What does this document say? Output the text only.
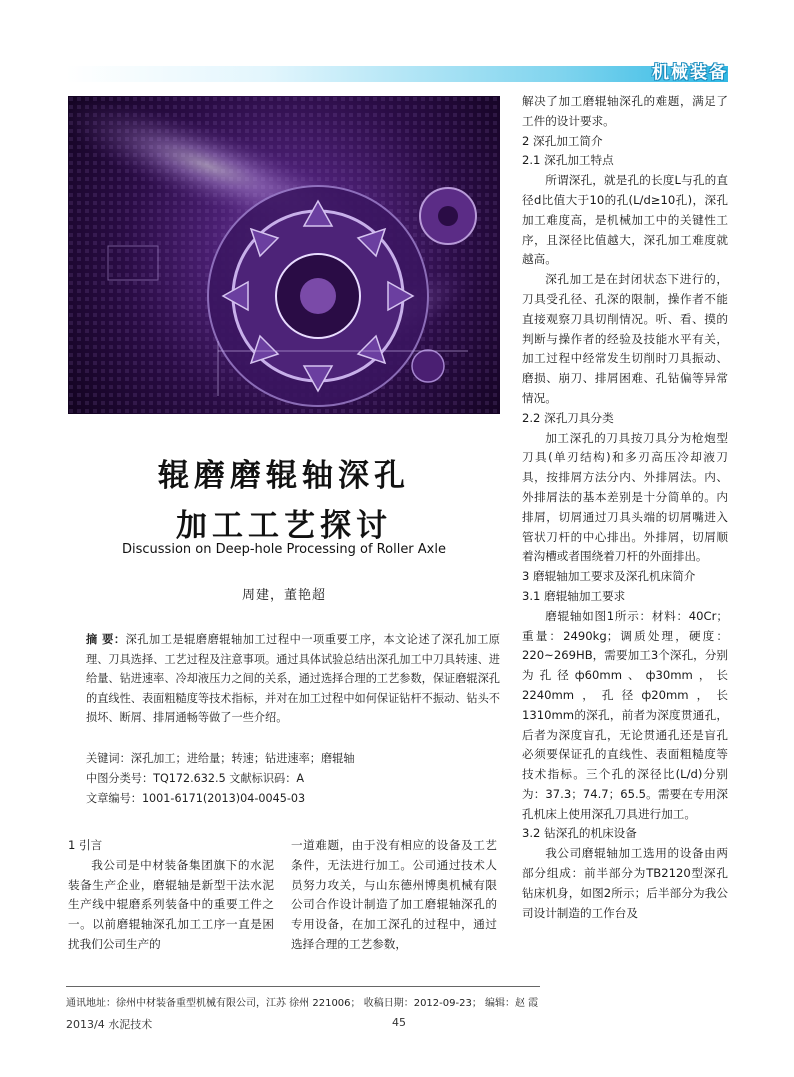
机械装备
辊磨磨辊轴深孔
加工工艺探讨
Discussion on Deep-hole Processing of Roller Axle
周建，董艳超
摘 要：深孔加工是辊磨磨辊轴加工过程中一项重要工序，本文论述了深孔加工原理、刀具选择、工艺过程及注意事项。通过具体试验总结出深孔加工中刀具转速、进给量、钻进速率、冷却液压力之间的关系，通过选择合理的工艺参数，保证磨辊深孔的直线性、表面粗糙度等技术指标，并对在加工过程中如何保证钻杆不振动、钻头不损坏、断屑、排屑通畅等做了一些介绍。
关键词：深孔加工；进给量；转速；钻进速率；磨辊轴
中图分类号：TQ172.632.5 文献标识码：A
文章编号：1001-6171(2013)04-0045-03

1 引言

我公司是中材装备集团旗下的水泥装备生产企业，磨辊轴是新型干法水泥生产线中辊磨系列装备中的重要工件之一。以前磨辊轴深孔加工工序一直是困扰我们公司生产的

一道难题，由于没有相应的设备及工艺条件，无法进行加工。公司通过技术人员努力攻关，与山东德州博奥机械有限公司合作设计制造了加工磨辊轴深孔的专用设备，在加工深孔的过程中，通过选择合理的工艺参数，

解决了加工磨辊轴深孔的难题，满足了工件的设计要求。

2 深孔加工简介

2.1 深孔加工特点

所谓深孔，就是孔的长度L与孔的直径d比值大于10的孔(L/d≥10孔)，深孔加工难度高，是机械加工中的关键性工序，且深径比值越大，深孔加工难度就越高。

深孔加工是在封闭状态下进行的，刀具受孔径、孔深的限制，操作者不能直接观察刀具切削情况。听、看、摸的判断与操作者的经验及技能水平有关，加工过程中经常发生切削时刀具振动、磨损、崩刀、排屑困难、孔钻偏等异常情况。

2.2 深孔刀具分类

加工深孔的刀具按刀具分为枪炮型刀具(单刃结构)和多刃高压冷却液刀具，按排屑方法分内、外排屑法。内、外排屑法的基本差别是十分简单的。内排屑，切屑通过刀具头端的切屑嘴进入管状刀杆的中心排出。外排屑，切屑顺着沟槽或者围绕着刀杆的外面排出。

3 磨辊轴加工要求及深孔机床简介

3.1 磨辊轴加工要求

磨辊轴如图1所示：材料：40Cr；重量：2490kg；调质处理，硬度：220~269HB，需要加工3个深孔，分别为孔径ф60mm、ф30mm，长2240mm，孔径ф20mm，长1310mm的深孔，前者为深度贯通孔，后者为深度盲孔，无论贯通孔还是盲孔必须要保证孔的直线性、表面粗糙度等技术指标。三个孔的深径比(L/d)分别为：37.3；74.7；65.5。需要在专用深孔机床上使用深孔刀具进行加工。

3.2 钻深孔的机床设备

我公司磨辊轴加工选用的设备由两部分组成：前半部分为TB2120型深孔钻床机身，如图2所示；后半部分为我公司设计制造的工作台及

通讯地址：徐州中材装备重型机械有限公司，江苏 徐州 221006； 收稿日期：2012-09-23； 编辑：赵 霞
2013/4 水泥技术	45
